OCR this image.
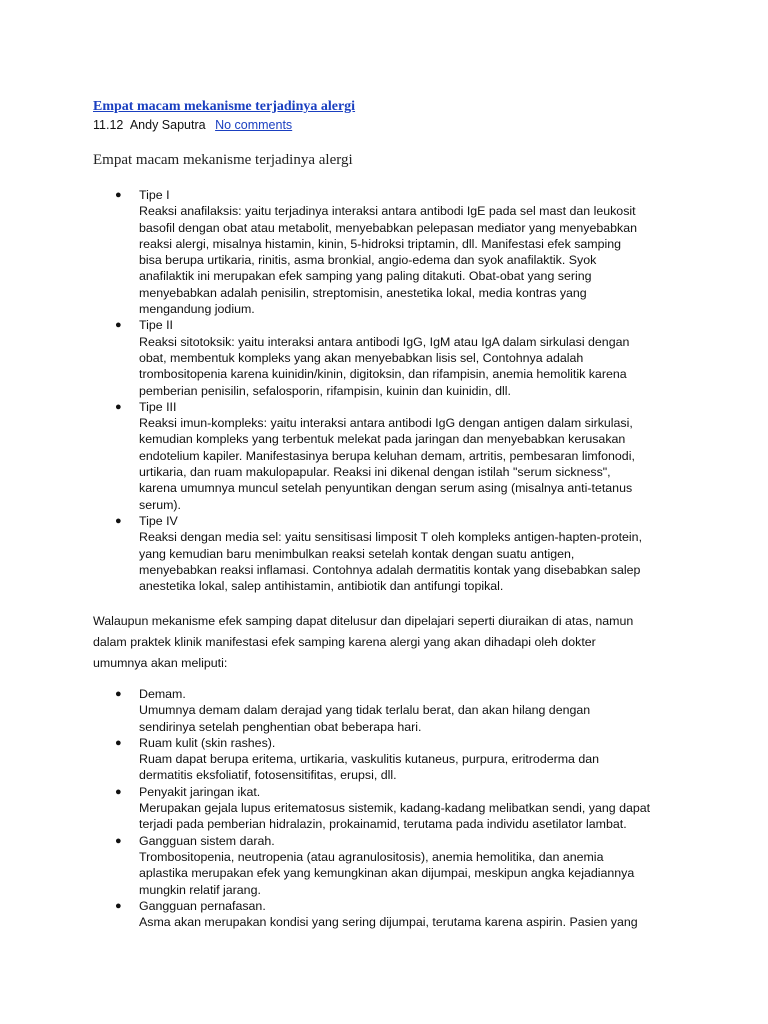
Empat macam mekanisme terjadinya alergi
11.12 Andy Saputra No comments

Empat macam mekanisme terjadinya alergi

● Tipe I
Reaksi anafilaksis: yaitu terjadinya interaksi antara antibodi IgE pada sel mast dan leukosit
basofil dengan obat atau metabolit, menyebabkan pelepasan mediator yang menyebabkan
reaksi alergi, misalnya histamin, kinin, 5-hidroksi triptamin, dll. Manifestasi efek samping
bisa berupa urtikaria, rinitis, asma bronkial, angio-edema dan syok anafilaktik. Syok
anafilaktik ini merupakan efek samping yang paling ditakuti. Obat-obat yang sering
menyebabkan adalah penisilin, streptomisin, anestetika lokal, media kontras yang
mengandung jodium.
● Tipe II
Reaksi sitotoksik: yaitu interaksi antara antibodi IgG, IgM atau IgA dalam sirkulasi dengan
obat, membentuk kompleks yang akan menyebabkan lisis sel, Contohnya adalah
trombositopenia karena kuinidin/kinin, digitoksin, dan rifampisin, anemia hemolitik karena
pemberian penisilin, sefalosporin, rifampisin, kuinin dan kuinidin, dll.
● Tipe III
Reaksi imun-kompleks: yaitu interaksi antara antibodi IgG dengan antigen dalam sirkulasi,
kemudian kompleks yang terbentuk melekat pada jaringan dan menyebabkan kerusakan
endotelium kapiler. Manifestasinya berupa keluhan demam, artritis, pembesaran limfonodi,
urtikaria, dan ruam makulopapular. Reaksi ini dikenal dengan istilah "serum sickness",
karena umumnya muncul setelah penyuntikan dengan serum asing (misalnya anti-tetanus
serum).
● Tipe IV
Reaksi dengan media sel: yaitu sensitisasi limposit T oleh kompleks antigen-hapten-protein,
yang kemudian baru menimbulkan reaksi setelah kontak dengan suatu antigen,
menyebabkan reaksi inflamasi. Contohnya adalah dermatitis kontak yang disebabkan salep
anestetika lokal, salep antihistamin, antibiotik dan antifungi topikal.

Walaupun mekanisme efek samping dapat ditelusur dan dipelajari seperti diuraikan di atas, namun
dalam praktek klinik manifestasi efek samping karena alergi yang akan dihadapi oleh dokter
umumnya akan meliputi:

● Demam.
Umumnya demam dalam derajad yang tidak terlalu berat, dan akan hilang dengan
sendirinya setelah penghentian obat beberapa hari.
● Ruam kulit (skin rashes).
Ruam dapat berupa eritema, urtikaria, vaskulitis kutaneus, purpura, eritroderma dan
dermatitis eksfoliatif, fotosensitifitas, erupsi, dll.
● Penyakit jaringan ikat.
Merupakan gejala lupus eritematosus sistemik, kadang-kadang melibatkan sendi, yang dapat
terjadi pada pemberian hidralazin, prokainamid, terutama pada individu asetilator lambat.
● Gangguan sistem darah.
Trombositopenia, neutropenia (atau agranulositosis), anemia hemolitika, dan anemia
aplastika merupakan efek yang kemungkinan akan dijumpai, meskipun angka kejadiannya
mungkin relatif jarang.
● Gangguan pernafasan.
Asma akan merupakan kondisi yang sering dijumpai, terutama karena aspirin. Pasien yang
